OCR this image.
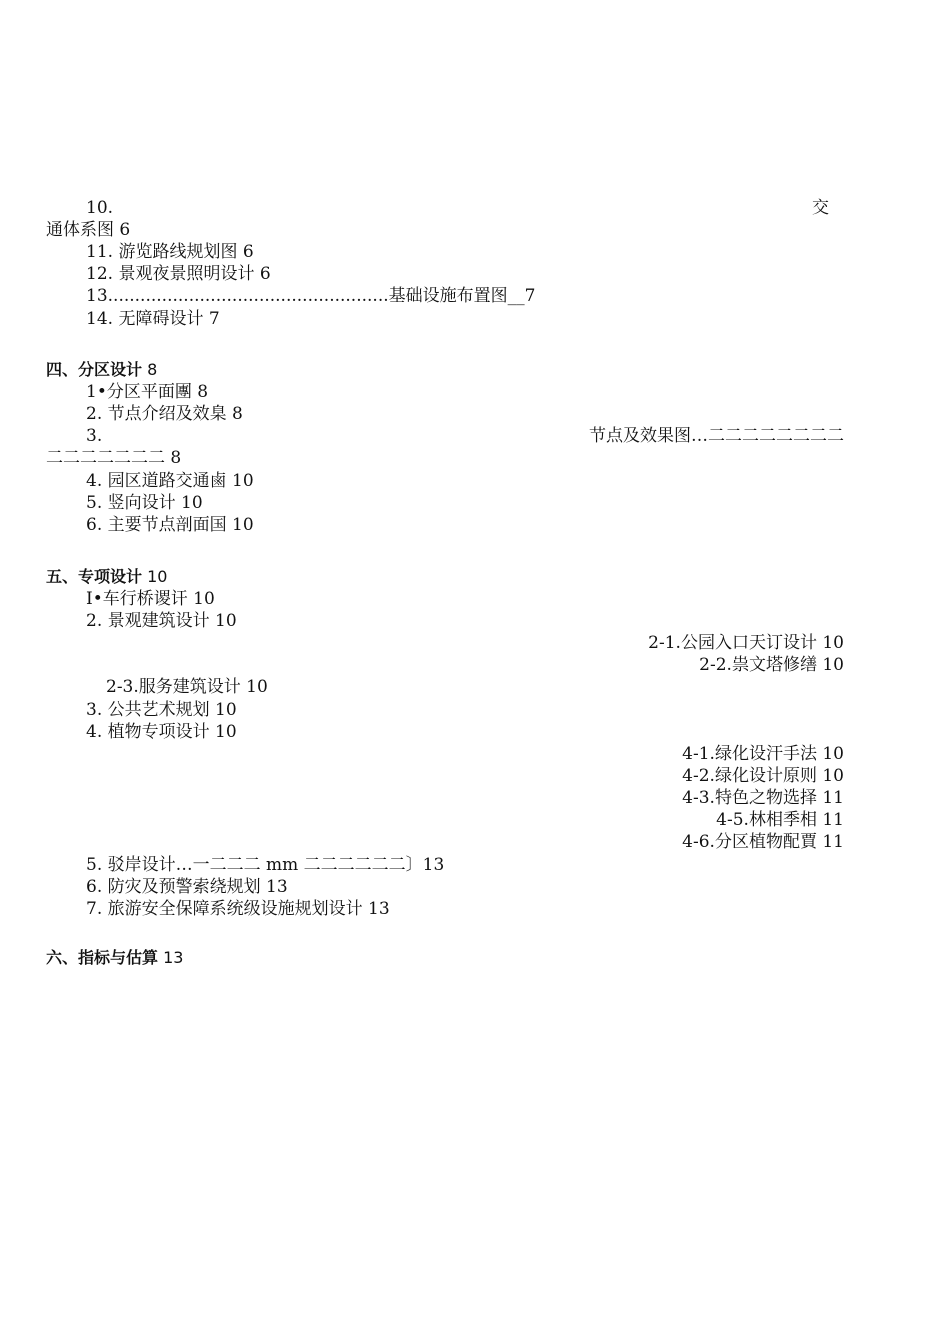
10.	交
通体系图 6
11. 游览路线规划图 6
12. 景观夜景照明设计 6
13....................................................基础设施布置图__7
14. 无障碍设计 7
四、分区设计 8
1•分区平面團 8
2. 节点介绍及效臬 8
3.	节点及效果图…二二二二二二二二
二二二二二二二 8
4. 园区道路交通鹵 10
5. 竖向设计 10
6. 主要节点剖面国 10
五、专项设计 10
I•车行桥谡讦 10
2. 景观建筑设计 10
2-1.公园入口天订设计 10
2-2.祟文塔修缮 10
2-3.服务建筑设计 10
3. 公共艺术规划 10
4. 植物专项设计 10
4-1.绿化设汗手法 10
4-2.绿化设计原则 10
4-3.特色之物选择 11
4-5.林相季相 11
4-6.分区植物配賈 11
5. 驳岸设计…一二二二 mm 二二二二二二〕13
6. 防灾及预警索绕规划 13
7. 旅游安全保障系统级设施规划设计 13
六、指标与估算 13
